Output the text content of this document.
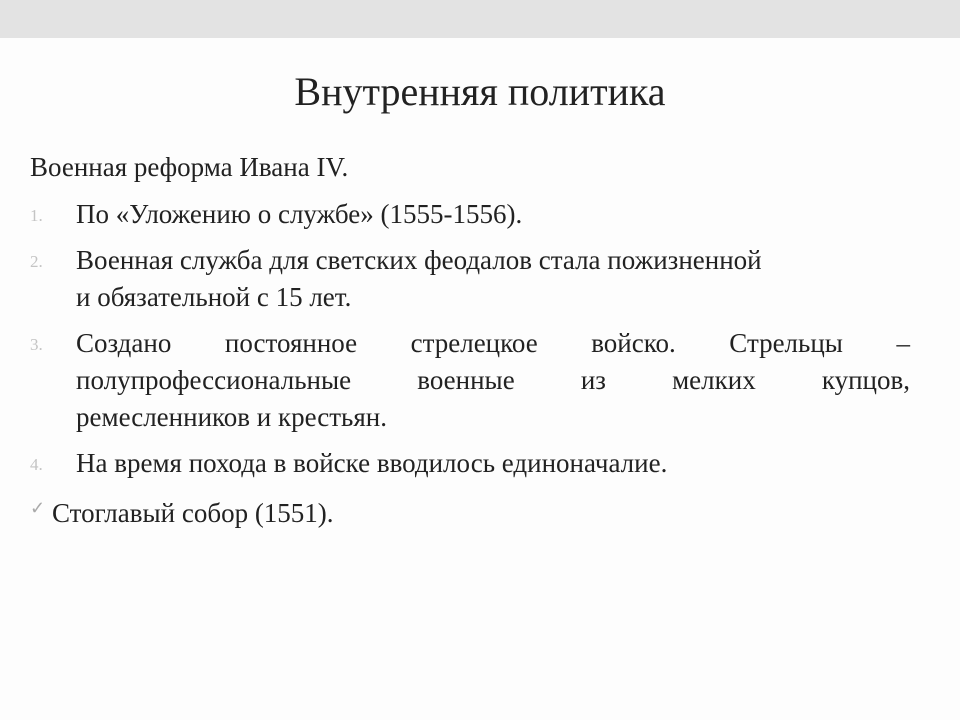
Внутренняя политика
Военная реформа Ивана IV.
1. По «Уложению о службе» (1555-1556).
2. Военная служба для светских феодалов стала пожизненной
и обязательной с 15 лет.
3. Создано постоянное стрелецкое войско. Стрельцы –
полупрофессиональные военные из мелких купцов,
ремесленников и крестьян.
4. На время похода в войске вводилось единоначалие.
✓ Стоглавый собор (1551).
